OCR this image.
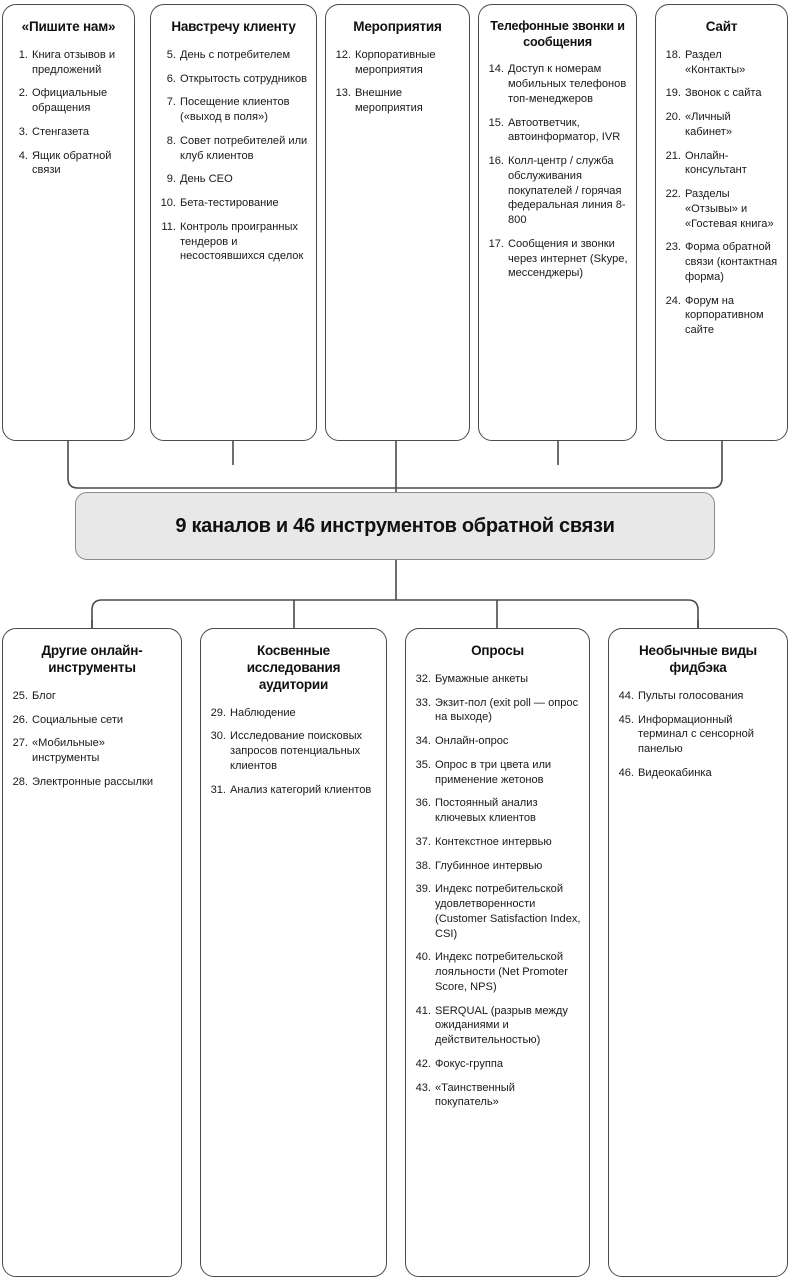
«Пишите нам»
1. Книга отзывов и предложений
2. Официальные обращения
3. Стенгазета
4. Ящик обратной связи
Навстречу клиенту
5. День с потребителем
6. Открытость сотрудников
7. Посещение клиентов («выход в поля»)
8. Совет потребителей или клуб клиентов
9. День CEO
10. Бета-тестирование
11. Контроль проигранных тендеров и несостоявшихся сделок
Мероприятия
12. Корпоративные мероприятия
13. Внешние мероприятия
Телефонные звонки и сообщения
14. Доступ к номерам мобильных телефонов топ-менеджеров
15. Автоответчик, автоинформатор, IVR
16. Колл-центр / служба обслуживания покупателей / горячая федеральная линия 8-800
17. Сообщения и звонки через интернет (Skype, мессенджеры)
Сайт
18. Раздел «Контакты»
19. Звонок с сайта
20. «Личный кабинет»
21. Онлайн-консультант
22. Разделы «Отзывы» и «Гостевая книга»
23. Форма обратной связи (контактная форма)
24. Форум на корпоративном сайте
9 каналов и 46 инструментов обратной связи
Другие онлайн-инструменты
25. Блог
26. Социальные сети
27. «Мобильные» инструменты
28. Электронные рассылки
Косвенные исследования аудитории
29. Наблюдение
30. Исследование поисковых запросов потенциальных клиентов
31. Анализ категорий клиентов
Опросы
32. Бумажные анкеты
33. Экзит-пол (exit poll — опрос на выходе)
34. Онлайн-опрос
35. Опрос в три цвета или применение жетонов
36. Постоянный анализ ключевых клиентов
37. Контекстное интервью
38. Глубинное интервью
39. Индекс потребительской удовлетворенности (Customer Satisfaction Index, CSI)
40. Индекс потребительской лояльности (Net Promoter Score, NPS)
41. SERQUAL (разрыв между ожиданиями и действительностью)
42. Фокус-группа
43. «Таинственный покупатель»
Необычные виды фидбэка
44. Пульты голосования
45. Информационный терминал с сенсорной панелью
46. Видеокабинка
